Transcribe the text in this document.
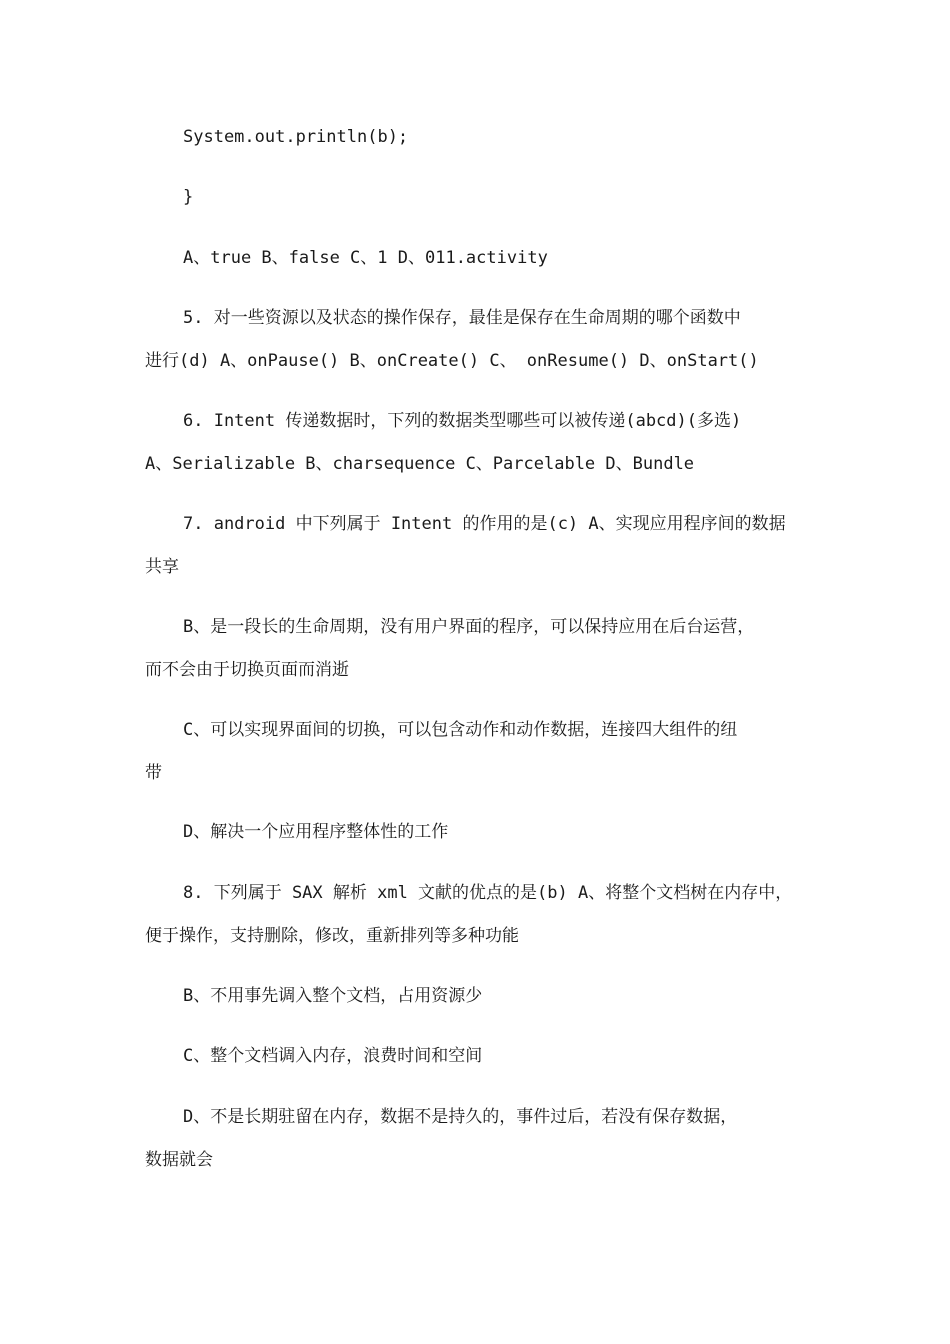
System.out.println(b);
}
A、true B、false C、1 D、011.activity
5. 对一些资源以及状态的操作保存，最佳是保存在生命周期的哪个函数中
进行(d) A、onPause() B、onCreate() C、 onResume() D、onStart()
6. Intent 传递数据时，下列的数据类型哪些可以被传递(abcd)(多选)
A、Serializable B、charsequence C、Parcelable D、Bundle
7. android 中下列属于 Intent 的作用的是(c) A、实现应用程序间的数据
共享
B、是一段长的生命周期，没有用户界面的程序，可以保持应用在后台运营，
而不会由于切换页面而消逝
C、可以实现界面间的切换，可以包含动作和动作数据，连接四大组件的纽
带
D、解决一个应用程序整体性的工作
8. 下列属于 SAX 解析 xml 文献的优点的是(b) A、将整个文档树在内存中，
便于操作，支持删除，修改，重新排列等多种功能
B、不用事先调入整个文档，占用资源少
C、整个文档调入内存，浪费时间和空间
D、不是长期驻留在内存，数据不是持久的，事件过后，若没有保存数据，
数据就会
